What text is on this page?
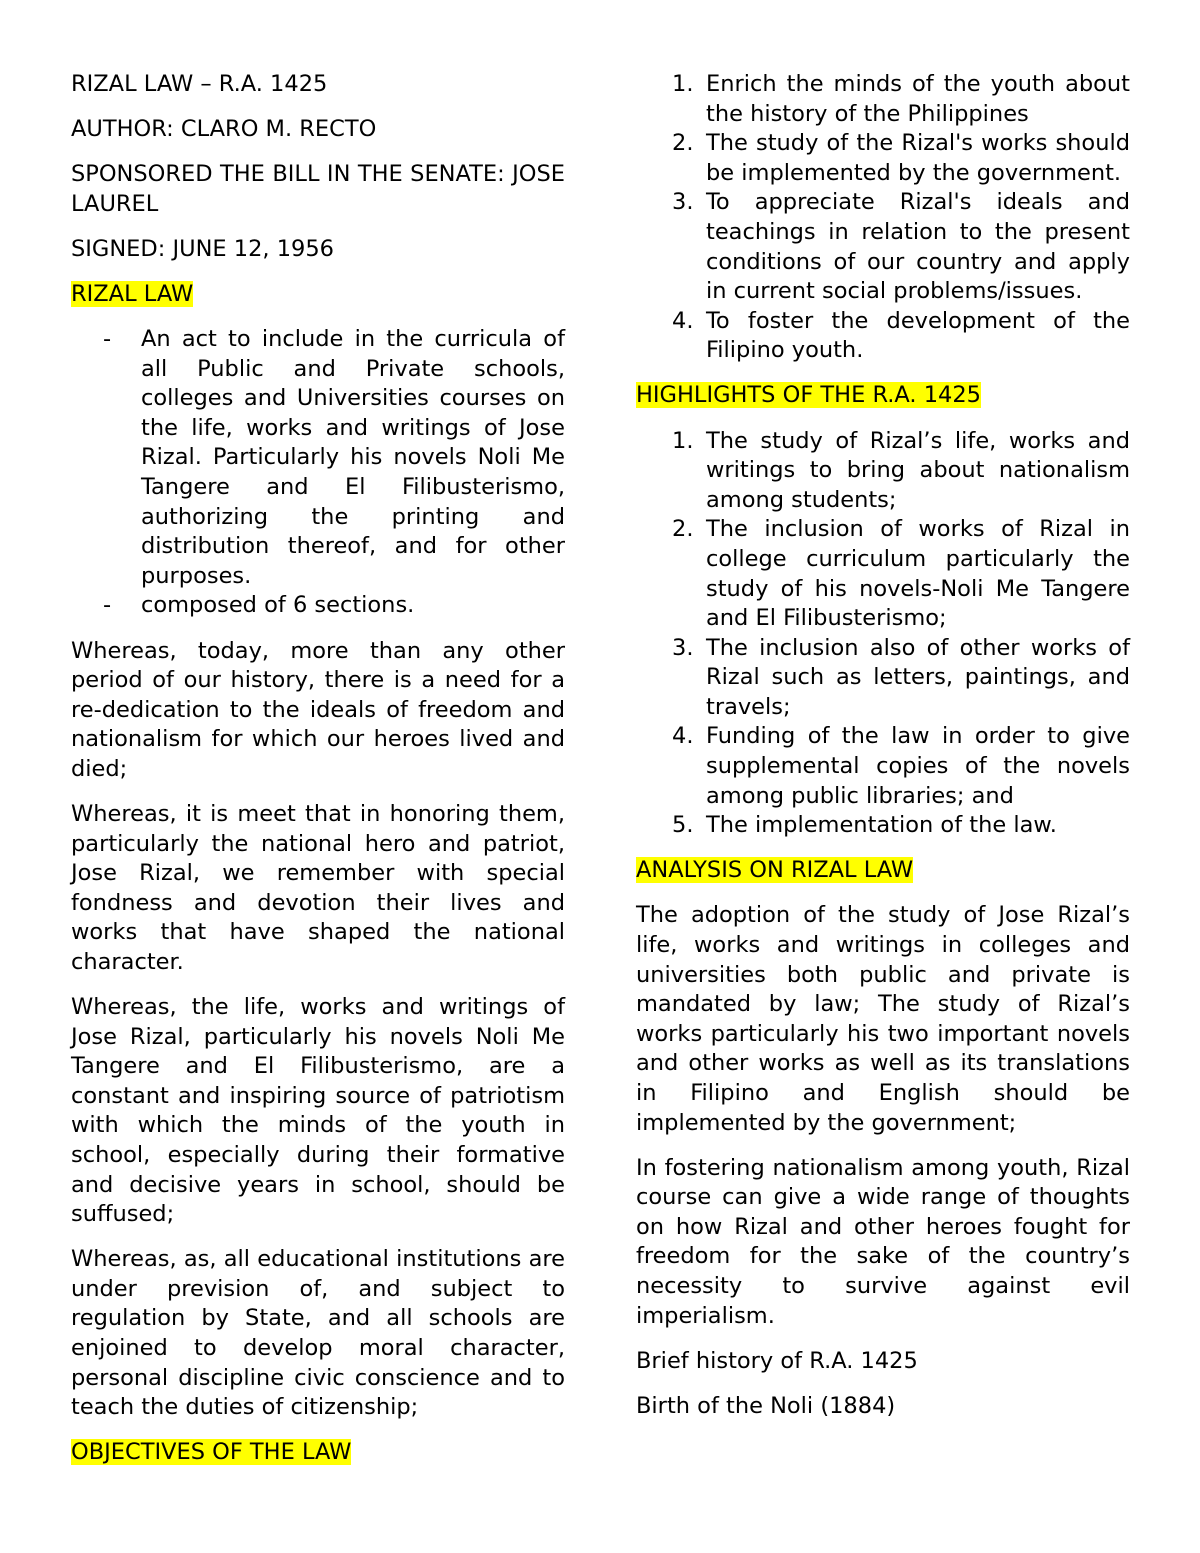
RIZAL LAW – R.A. 1425

AUTHOR: CLARO M. RECTO

SPONSORED THE BILL IN THE SENATE: JOSE LAUREL

SIGNED: JUNE 12, 1956

RIZAL LAW

- An act to include in the curricula of all Public and Private schools, colleges and Universities courses on the life, works and writings of Jose Rizal. Particularly his novels Noli Me Tangere and El Filibusterismo, authorizing the printing and distribution thereof, and for other purposes.
- composed of 6 sections.

Whereas, today, more than any other period of our history, there is a need for a re-dedication to the ideals of freedom and nationalism for which our heroes lived and died;

Whereas, it is meet that in honoring them, particularly the national hero and patriot, Jose Rizal, we remember with special fondness and devotion their lives and works that have shaped the national character.

Whereas, the life, works and writings of Jose Rizal, particularly his novels Noli Me Tangere and El Filibusterismo, are a constant and inspiring source of patriotism with which the minds of the youth in school, especially during their formative and decisive years in school, should be suffused;

Whereas, as, all educational institutions are under prevision of, and subject to regulation by State, and all schools are enjoined to develop moral character, personal discipline civic conscience and to teach the duties of citizenship;

OBJECTIVES OF THE LAW

1. Enrich the minds of the youth about the history of the Philippines
2. The study of the Rizal's works should be implemented by the government.
3. To appreciate Rizal's ideals and teachings in relation to the present conditions of our country and apply in current social problems/issues.
4. To foster the development of the Filipino youth.

HIGHLIGHTS OF THE R.A. 1425

1. The study of Rizal’s life, works and writings to bring about nationalism among students;
2. The inclusion of works of Rizal in college curriculum particularly the study of his novels-Noli Me Tangere and El Filibusterismo;
3. The inclusion also of other works of Rizal such as letters, paintings, and travels;
4. Funding of the law in order to give supplemental copies of the novels among public libraries; and
5. The implementation of the law.

ANALYSIS ON RIZAL LAW

The adoption of the study of Jose Rizal’s life, works and writings in colleges and universities both public and private is mandated by law; The study of Rizal’s works particularly his two important novels and other works as well as its translations in Filipino and English should be implemented by the government;

In fostering nationalism among youth, Rizal course can give a wide range of thoughts on how Rizal and other heroes fought for freedom for the sake of the country’s necessity to survive against evil imperialism.

Brief history of R.A. 1425

Birth of the Noli (1884)
